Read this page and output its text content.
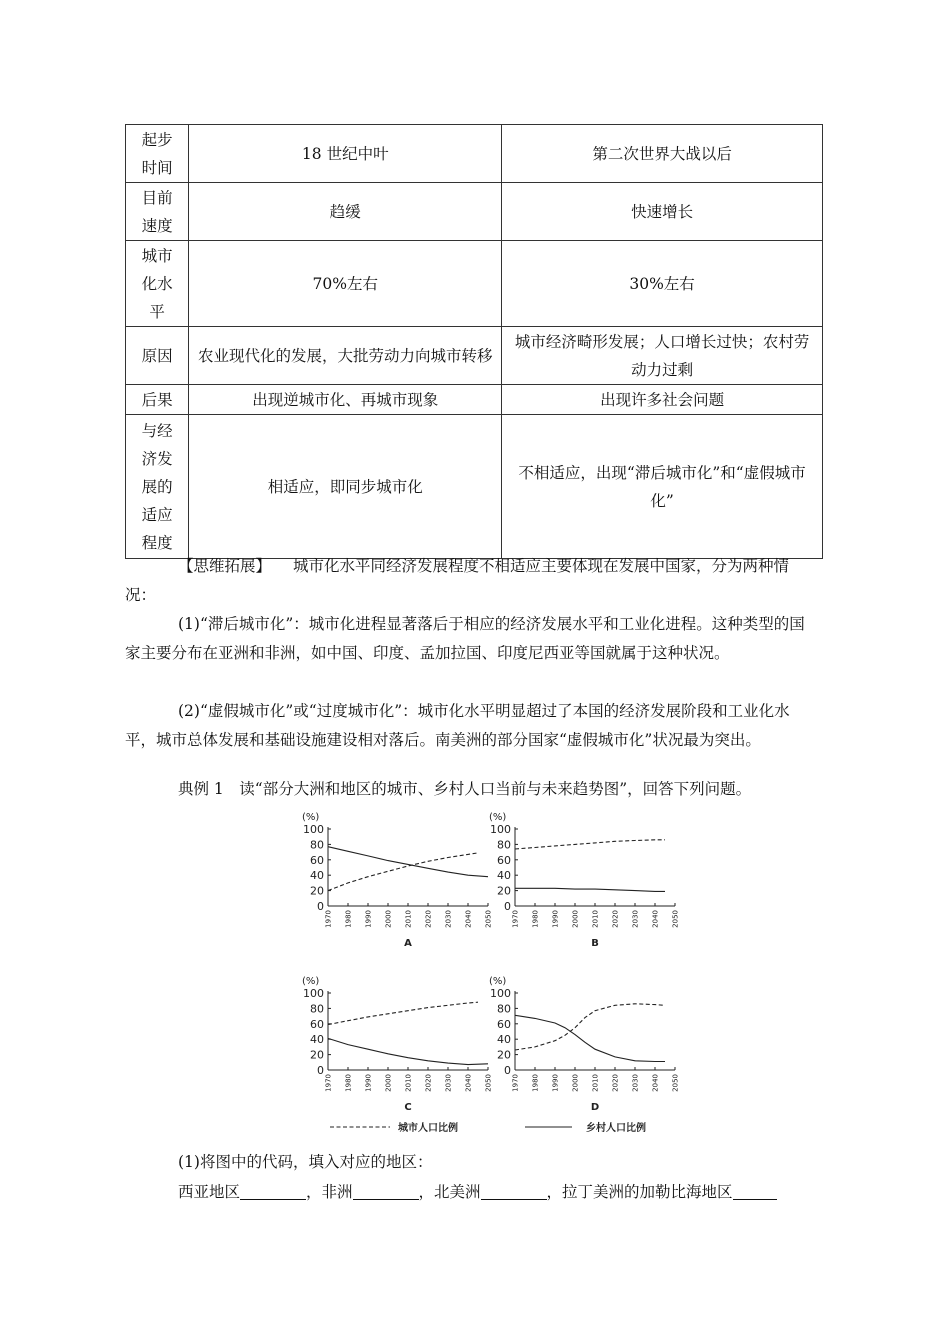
起步
时间	18 世纪中叶	第二次世界大战以后

目前
速度	趋缓	快速增长

城市
化水
平	70%左右	30%左右

原因	农业现代化的发展，大批劳动力向城市转移	城市经济畸形发展；人口增长过快；农村劳动力过剩

后果	出现逆城市化、再城市现象	出现许多社会问题

与经
济发
展的
适应
程度	相适应，即同步城市化	不相适应，出现“滞后城市化”和“虚假城市化”
【思维拓展】 城市化水平同经济发展程度不相适应主要体现在发展中国家，分为两种情况：
(1)“滞后城市化”：城市化进程显著落后于相应的经济发展水平和工业化进程。这种类型的国家主要分布在亚洲和非洲，如中国、印度、孟加拉国、印度尼西亚等国就属于这种状况。
(2)“虚假城市化”或“过度城市化”：城市化水平明显超过了本国的经济发展阶段和工业化水平，城市总体发展和基础设施建设相对落后。南美洲的部分国家“虚假城市化”状况最为突出。
典例 1　读“部分大洲和地区的城市、乡村人口当前与未来趋势图”，回答下列问题。
(%)
0
20
40
60
80
100
1970 1980 1990 2000 2010 2020 2030 2040 2050
A
(%)
0
20
40
60
80
100
1970 1980 1990 2000 2010 2020 2030 2040 2050
B
(%)
0
20
40
60
80
100
1970 1980 1990 2000 2010 2020 2030 2040 2050
C
(%)
0
20
40
60
80
100
1970 1980 1990 2000 2010 2020 2030 2040 2050
D
城市人口比例	乡村人口比例
(1)将图中的代码，填入对应的地区：
西亚地区	，非洲	，北美洲	，拉丁美洲的加勒比海地区
